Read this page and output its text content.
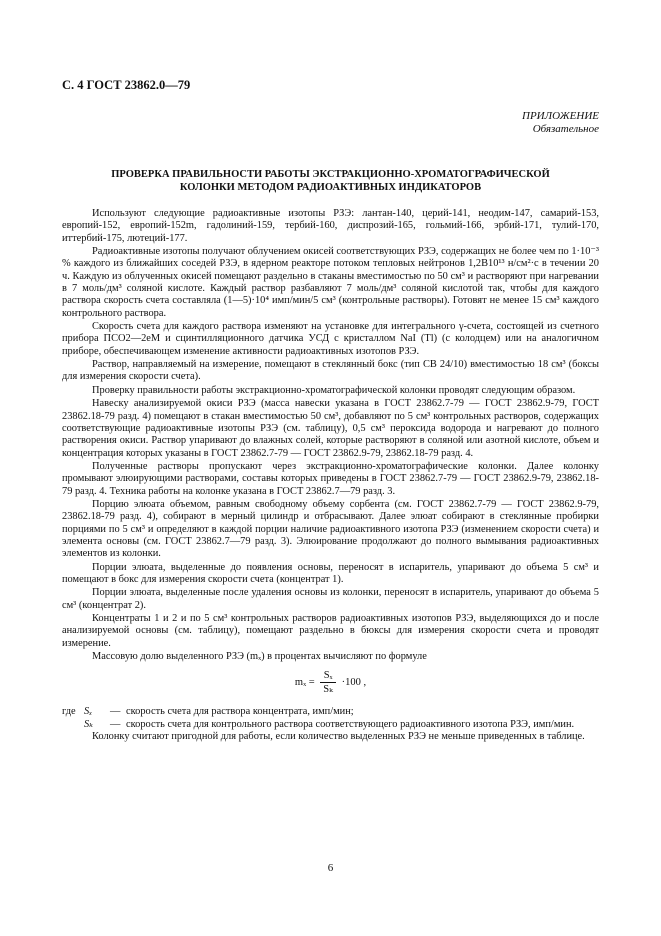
С. 4 ГОСТ 23862.0—79
ПРИЛОЖЕНИЕ
Обязательное
ПРОВЕРКА ПРАВИЛЬНОСТИ РАБОТЫ ЭКСТРАКЦИОННО-ХРОМАТОГРАФИЧЕСКОЙ
КОЛОНКИ МЕТОДОМ РАДИОАКТИВНЫХ ИНДИКАТОРОВ

Используют следующие радиоактивные изотопы РЗЭ: лантан-140, церий-141, неодим-147, самарий-153, европий-152, европий-152m, гадолиний-159, тербий-160, диспрозий-165, гольмий-166, эрбий-171, тулий-170, иттербий-175, лютеций-177.

Радиоактивные изотопы получают облучением окисей соответствующих РЗЭ, содержащих не более чем по 1·10⁻³ % каждого из ближайших соседей РЗЭ, в ядерном реакторе потоком тепловых нейтронов 1,2В10¹³ н/см²·с в течении 20 ч. Каждую из облученных окисей помещают раздельно в стаканы вместимостью по 50 см³ и растворяют при нагревании в 7 моль/дм³ соляной кислоте. Каждый раствор разбавляют 7 моль/дм³ соляной кислотой так, чтобы для каждого раствора скорость счета составляла (1—5)·10⁴ имп/мин/5 см³ (контрольные растворы). Готовят не менее 15 см³ каждого контрольного раствора.

Скорость счета для каждого раствора изменяют на установке для интегрального γ-счета, состоящей из счетного прибора ПСО2—2еМ и сцинтилляционного датчика УСД с кристаллом NaI (Tl) (с колодцем) или на аналогичном приборе, обеспечивающем изменение активности радиоактивных изотопов РЗЭ.

Раствор, направляемый на измерение, помещают в стеклянный бокс (тип СВ 24/10) вместимостью 18 см³ (боксы для измерения скорости счета).

Проверку правильности работы экстракционно-хроматографической колонки проводят следующим образом.

Навеску анализируемой окиси РЗЭ (масса навески указана в ГОСТ 23862.7-79 — ГОСТ 23862.9-79, ГОСТ 23862.18-79 разд. 4) помещают в стакан вместимостью 50 см³, добавляют по 5 см³ контрольных растворов, содержащих соответствующие радиоактивные изотопы РЗЭ (см. таблицу), 0,5 см³ пероксида водорода и нагревают до полного растворения окиси. Раствор упаривают до влажных солей, которые растворяют в соляной или азотной кислоте, объем и концентрация которых указаны в ГОСТ 23862.7-79 — ГОСТ 23862.9-79, 23862.18-79 разд. 4.

Полученные растворы пропускают через экстракционно-хроматографические колонки. Далее колонку промывают элюирующими растворами, составы которых приведены в ГОСТ 23862.7-79 — ГОСТ 23862.9-79, 23862.18-79 разд. 4. Техника работы на колонке указана в ГОСТ 23862.7—79 разд. 3.

Порцию элюата объемом, равным свободному объему сорбента (см. ГОСТ 23862.7-79 — ГОСТ 23862.9-79, 23862.18-79 разд. 4), собирают в мерный цилиндр и отбрасывают. Далее элюат собирают в стеклянные пробирки порциями по 5 см³ и определяют в каждой порции наличие радиоактивного изотопа РЗЭ (изменением скорости счета) и элемента основы (см. ГОСТ 23862.7—79 разд. 3). Элюирование продолжают до полного вымывания радиоактивных элементов из колонки.

Порции элюата, выделенные до появления основы, переносят в испаритель, упаривают до объема 5 см³ и помещают в бокс для измерения скорости счета (концентрат 1).

Порции элюата, выделенные после удаления основы из колонки, переносят в испаритель, упаривают до объема 5 см³ (концентрат 2).

Концентраты 1 и 2 и по 5 см³ контрольных растворов радиоактивных изотопов РЗЭ, выделяющихся до и после анализируемой основы (см. таблицу), помещают раздельно в бюксы для измерения скорости счета и проводят измерение.

Массовую долю выделенного РЗЭ (mₓ) в процентах вычисляют по формуле

$m_x = \frac{\text{Sₓ}}{\text{Sₖ}} \cdot 100$ ,
где Sₓ	— скорость счета для раствора концентрата, имп/мин;
Sₖ	— скорость счета для контрольного раствора соответствующего радиоактивного изотопа РЗЭ, имп/мин.

Колонку считают пригодной для работы, если количество выделенных РЗЭ не меньше приведенных в таблице.

6
